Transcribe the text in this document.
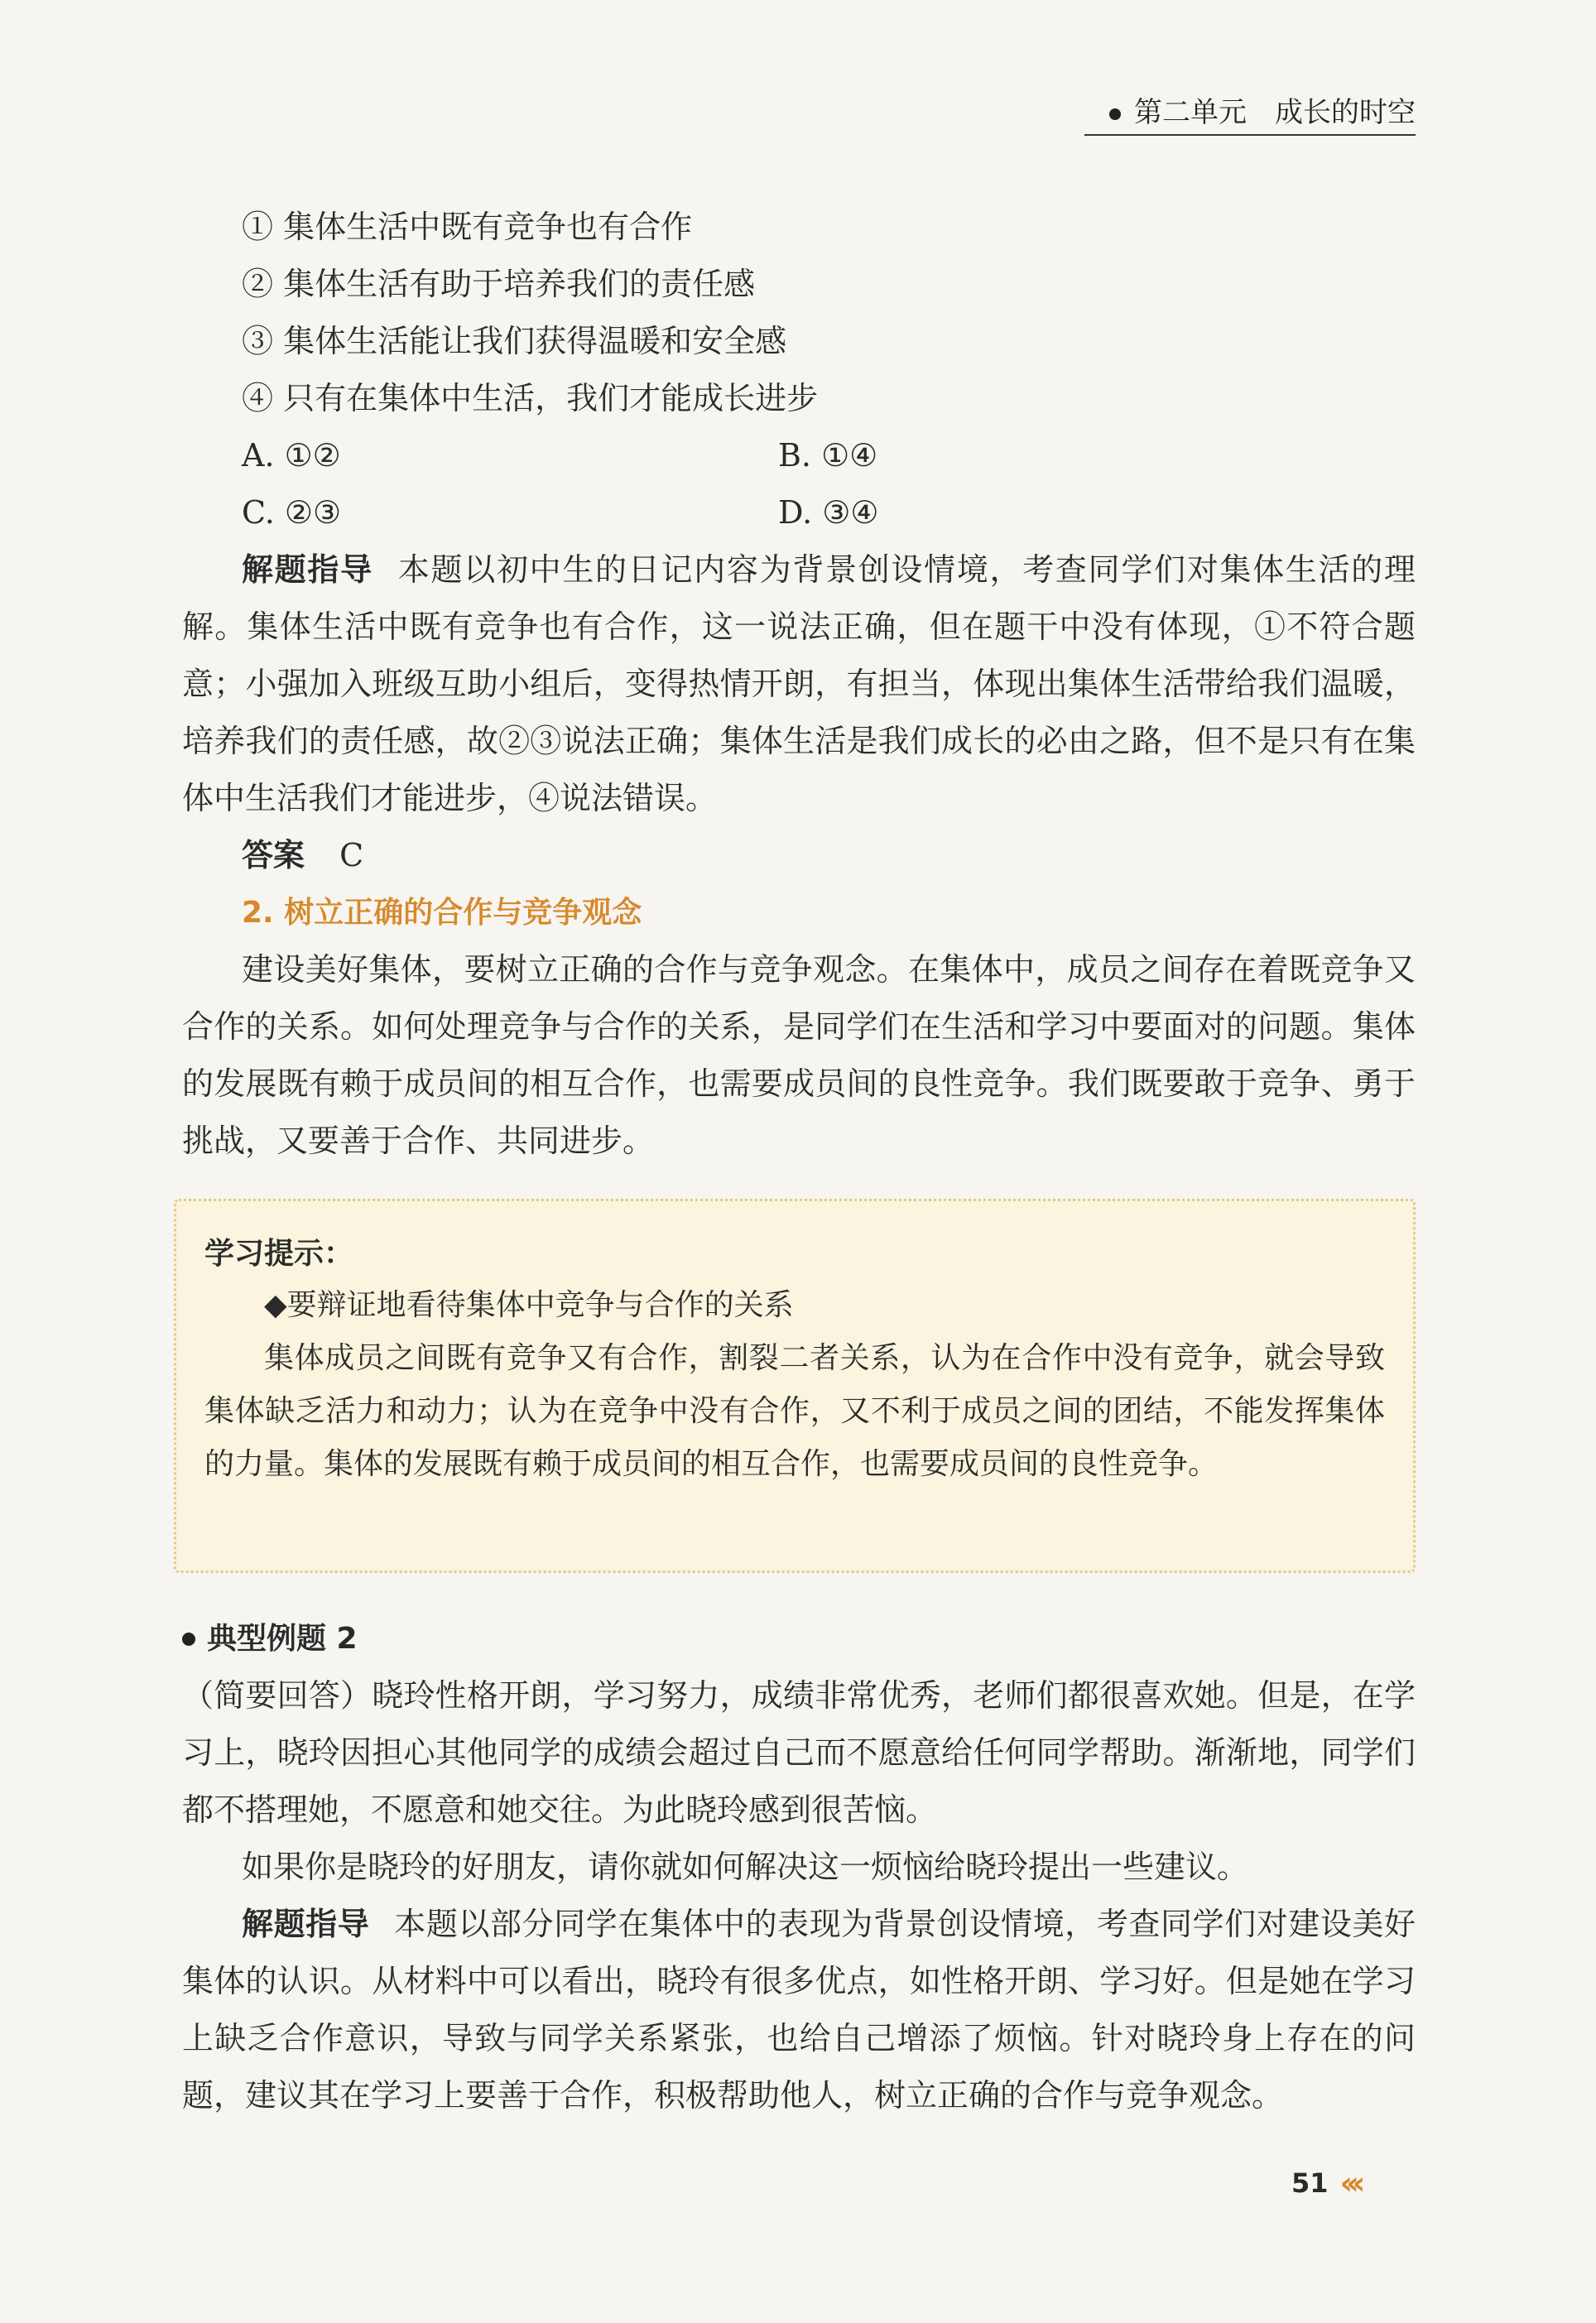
第二单元　成长的时空
① 集体生活中既有竞争也有合作
② 集体生活有助于培养我们的责任感
③ 集体生活能让我们获得温暖和安全感
④ 只有在集体中生活，我们才能成长进步
A. ①②	B. ①④
C. ②③	D. ③④
解题指导 本题以初中生的日记内容为背景创设情境，考查同学们对集体生活的理解。集体生活中既有竞争也有合作，这一说法正确，但在题干中没有体现，①不符合题意；小强加入班级互助小组后，变得热情开朗，有担当，体现出集体生活带给我们温暖，培养我们的责任感，故②③说法正确；集体生活是我们成长的必由之路，但不是只有在集体中生活我们才能进步，④说法错误。
答案 C
2. 树立正确的合作与竞争观念
建设美好集体，要树立正确的合作与竞争观念。在集体中，成员之间存在着既竞争又合作的关系。如何处理竞争与合作的关系，是同学们在生活和学习中要面对的问题。集体的发展既有赖于成员间的相互合作，也需要成员间的良性竞争。我们既要敢于竞争、勇于挑战，又要善于合作、共同进步。
学习提示：
◆要辩证地看待集体中竞争与合作的关系
集体成员之间既有竞争又有合作，割裂二者关系，认为在合作中没有竞争，就会导致集体缺乏活力和动力；认为在竞争中没有合作，又不利于成员之间的团结，不能发挥集体的力量。集体的发展既有赖于成员间的相互合作，也需要成员间的良性竞争。
典型例题 2
（简要回答）晓玲性格开朗，学习努力，成绩非常优秀，老师们都很喜欢她。但是，在学习上，晓玲因担心其他同学的成绩会超过自己而不愿意给任何同学帮助。渐渐地，同学们都不搭理她，不愿意和她交往。为此晓玲感到很苦恼。
如果你是晓玲的好朋友，请你就如何解决这一烦恼给晓玲提出一些建议。
解题指导 本题以部分同学在集体中的表现为背景创设情境，考查同学们对建设美好集体的认识。从材料中可以看出，晓玲有很多优点，如性格开朗、学习好。但是她在学习上缺乏合作意识，导致与同学关系紧张，也给自己增添了烦恼。针对晓玲身上存在的问题，建议其在学习上要善于合作，积极帮助他人，树立正确的合作与竞争观念。
51 ‹‹‹
